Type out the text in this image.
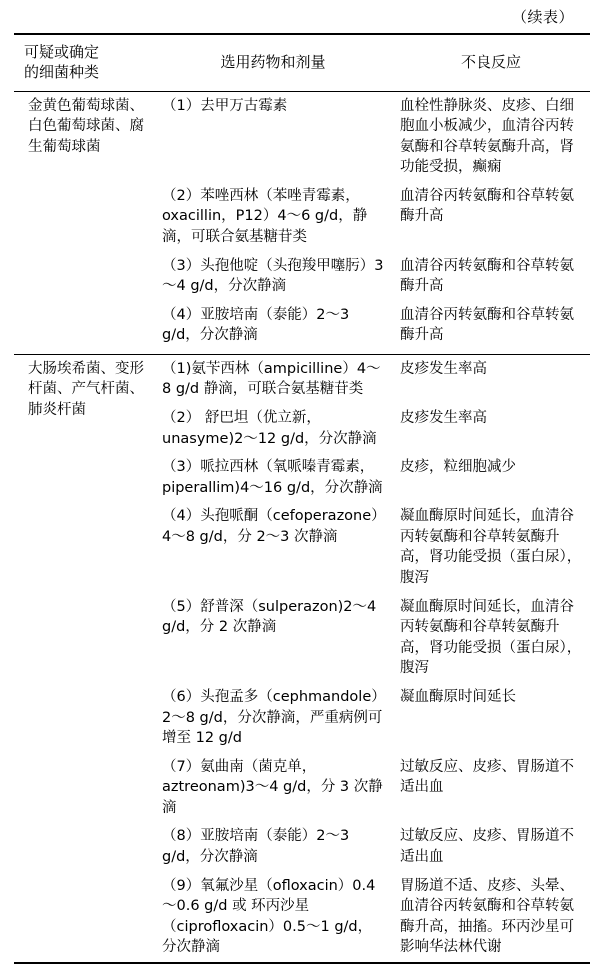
（续表）
可疑或确定
的细菌种类	选用药物和剂量	不良反应
金黄色葡萄球菌、白色葡萄球菌、腐生葡萄球菌	（1）去甲万古霉素	血栓性静脉炎、皮疹、白细胞血小板减少，血清谷丙转氨酶和谷草转氨酶升高，肾功能受损，癫痫
	（2）苯唑西林（苯唑青霉素，oxacillin，P12）4～6 g/d，静滴，可联合氨基糖苷类	血清谷丙转氨酶和谷草转氨酶升高
	（3）头孢他啶（头孢羧甲噻肟）3～4 g/d，分次静滴	血清谷丙转氨酶和谷草转氨酶升高
	（4）亚胺培南（泰能）2～3 g/d，分次静滴	血清谷丙转氨酶和谷草转氨酶升高

大肠埃希菌、变形杆菌、产气杆菌、肺炎杆菌	（1)氨苄西林（ampicilline）4～8 g/d 静滴，可联合氨基糖苷类	皮疹发生率高
	（2） 舒巴坦（优立新，unasyme)2～12 g/d，分次静滴	皮疹发生率高
	（3）哌拉西林（氧哌嗪青霉素，piperallim)4～16 g/d，分次静滴	皮疹，粒细胞减少
	（4）头孢哌酮（cefoperazone）4～8 g/d，分 2～3 次静滴	凝血酶原时间延长，血清谷丙转氨酶和谷草转氨酶升高，肾功能受损（蛋白尿），腹泻
	（5）舒普深（sulperazon)2～4 g/d，分 2 次静滴	凝血酶原时间延长，血清谷丙转氨酶和谷草转氨酶升高，肾功能受损（蛋白尿），腹泻
	（6）头孢孟多（cephmandole）2～8 g/d，分次静滴，严重病例可增至 12 g/d	凝血酶原时间延长
	（7）氨曲南（菌克单，aztreonam)3～4 g/d，分 3 次静滴	过敏反应、皮疹、胃肠道不适出血
	（8）亚胺培南（泰能）2～3 g/d，分次静滴	过敏反应、皮疹、胃肠道不适出血
	（9）氧氟沙星（ofloxacin）0.4～0.6 g/d 或 环丙沙星（ciprofloxacin）0.5～1 g/d，分次静滴	胃肠道不适、皮疹、头晕、血清谷丙转氨酶和谷草转氨酶升高，抽搐。环丙沙星可影响华法林代谢
